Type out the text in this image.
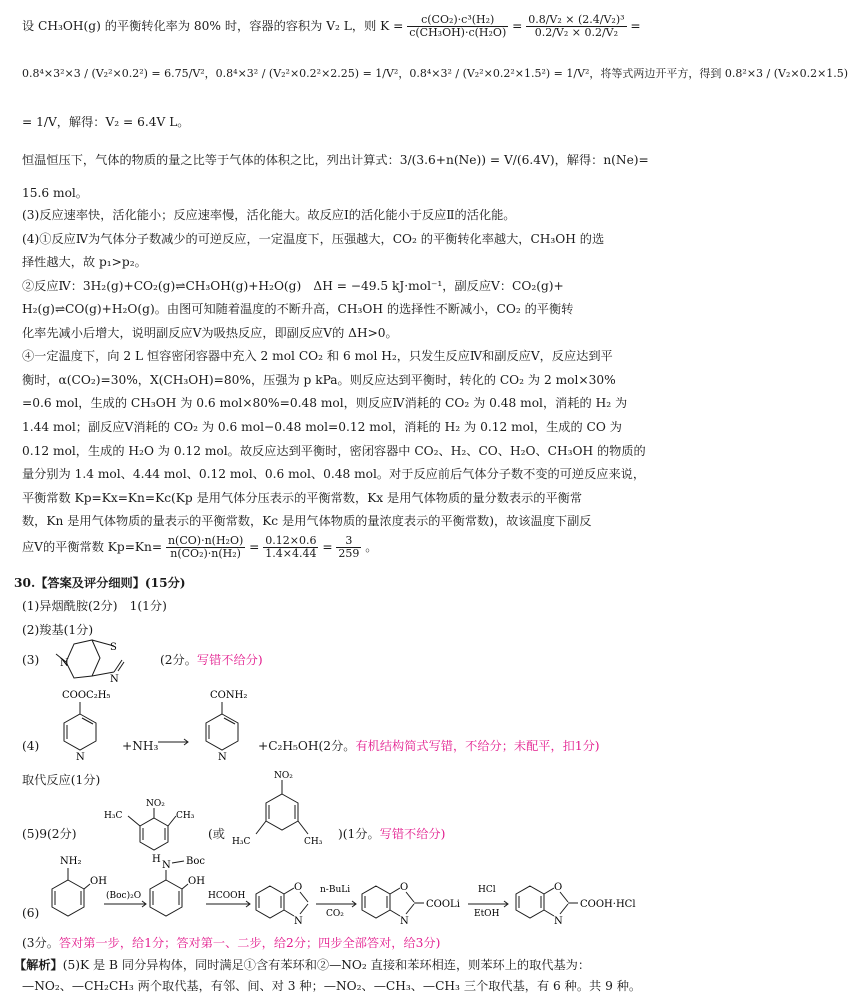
设 CH₃OH(g) 的平衡转化率为 80% 时，容器的容积为 V₂ L，则 $K = \frac{\text{c(CO₂)·c³(H₂)}}{\text{c(CH₃OH)·c(H₂O)}} = \frac{\text{0.8/V₂ × (2.4/V₂)³}}{\text{0.2/V₂ × 0.2/V₂}}$ =
0.8⁴×3²×3 / (V₂²×0.2²) = 6.75/V²，0.8⁴×3² / (V₂²×0.2²×2.25) = 1/V²，0.8⁴×3² / (V₂²×0.2²×1.5²) = 1/V²，将等式两边开平方，得到 0.8²×3 / (V₂×0.2×1.5)
= 1/V，解得：V₂ = 6.4V L。
恒温恒压下，气体的物质的量之比等于气体的体积之比，列出计算式：3/(3.6+n(Ne)) = V/(6.4V)，解得：n(Ne)=
15.6 mol。
(3)反应速率快，活化能小；反应速率慢，活化能大。故反应Ⅰ的活化能小于反应Ⅱ的活化能。
(4)①反应Ⅳ为气体分子数减少的可逆反应，一定温度下，压强越大，CO₂ 的平衡转化率越大，CH₃OH 的选
择性越大，故 p₁>p₂。
②反应Ⅳ：3H₂(g)+CO₂(g)⇌CH₃OH(g)+H₂O(g)　ΔH = −49.5 kJ·mol⁻¹，副反应Ⅴ：CO₂(g)+
H₂(g)⇌CO(g)+H₂O(g)。由图可知随着温度的不断升高，CH₃OH 的选择性不断减小，CO₂ 的平衡转
化率先减小后增大，说明副反应Ⅴ为吸热反应，即副反应Ⅴ的 ΔH>0。
④一定温度下，向 2 L 恒容密闭容器中充入 2 mol CO₂ 和 6 mol H₂，只发生反应Ⅳ和副反应Ⅴ，反应达到平
衡时，α(CO₂)=30%，X(CH₃OH)=80%，压强为 p kPa。则反应达到平衡时，转化的 CO₂ 为 2 mol×30%
=0.6 mol，生成的 CH₃OH 为 0.6 mol×80%=0.48 mol，则反应Ⅳ消耗的 CO₂ 为 0.48 mol，消耗的 H₂ 为
1.44 mol；副反应Ⅴ消耗的 CO₂ 为 0.6 mol−0.48 mol=0.12 mol，消耗的 H₂ 为 0.12 mol，生成的 CO 为
0.12 mol，生成的 H₂O 为 0.12 mol。故反应达到平衡时，密闭容器中 CO₂、H₂、CO、H₂O、CH₃OH 的物质的
量分别为 1.4 mol、4.44 mol、0.12 mol、0.6 mol、0.48 mol。对于反应前后气体分子数不变的可逆反应来说，
平衡常数 Kp=Kx=Kn=Kc(Kp 是用气体分压表示的平衡常数，Kx 是用气体物质的量分数表示的平衡常
数，Kn 是用气体物质的量表示的平衡常数，Kc 是用气体物质的量浓度表示的平衡常数)，故该温度下副反
应Ⅴ的平衡常数 $Kp=Kn= \frac{\text{n(CO)·n(H₂O)}}{\text{n(CO₂)·n(H₂)}} = \frac{0.12\times 0.6}{1.4\times 4.44} = \frac{3}{259}$ 。
30.【答案及评分细则】(15分)
(1)异烟酰胺(2分)　1(1分)
(2)羧基(1分)
(3)
S
N
N	(2分。写错不给分)
(4)
COOC₂H₅
N
+NH₃ →
CONH₂
N
+C₂H₅OH(2分。有机结构简式写错，不给分；未配平，扣1分)
取代反应(1分)
(5)9(2分)
NO₂
H₃C	CH₃
(或
NO₂
H₃C	CH₃
)(1分。写错不给分)
(6)
NH₂
OH
(Boc)₂O
H
N Boc
OH
HCOOH
O
N
n-BuLi
CO₂
O
N
COOLi
HCl
EtOH
O
N
COOH·HCl
(3分。答对第一步，给1分；答对第一、二步，给2分；四步全部答对，给3分)
【解析】(5)K 是 B 同分异构体，同时满足①含有苯环和②—NO₂ 直接和苯环相连，则苯环上的取代基为：
—NO₂、—CH₂CH₃ 两个取代基，有邻、间、对 3 种；—NO₂、—CH₃、—CH₃ 三个取代基，有 6 种。共 9 种。
